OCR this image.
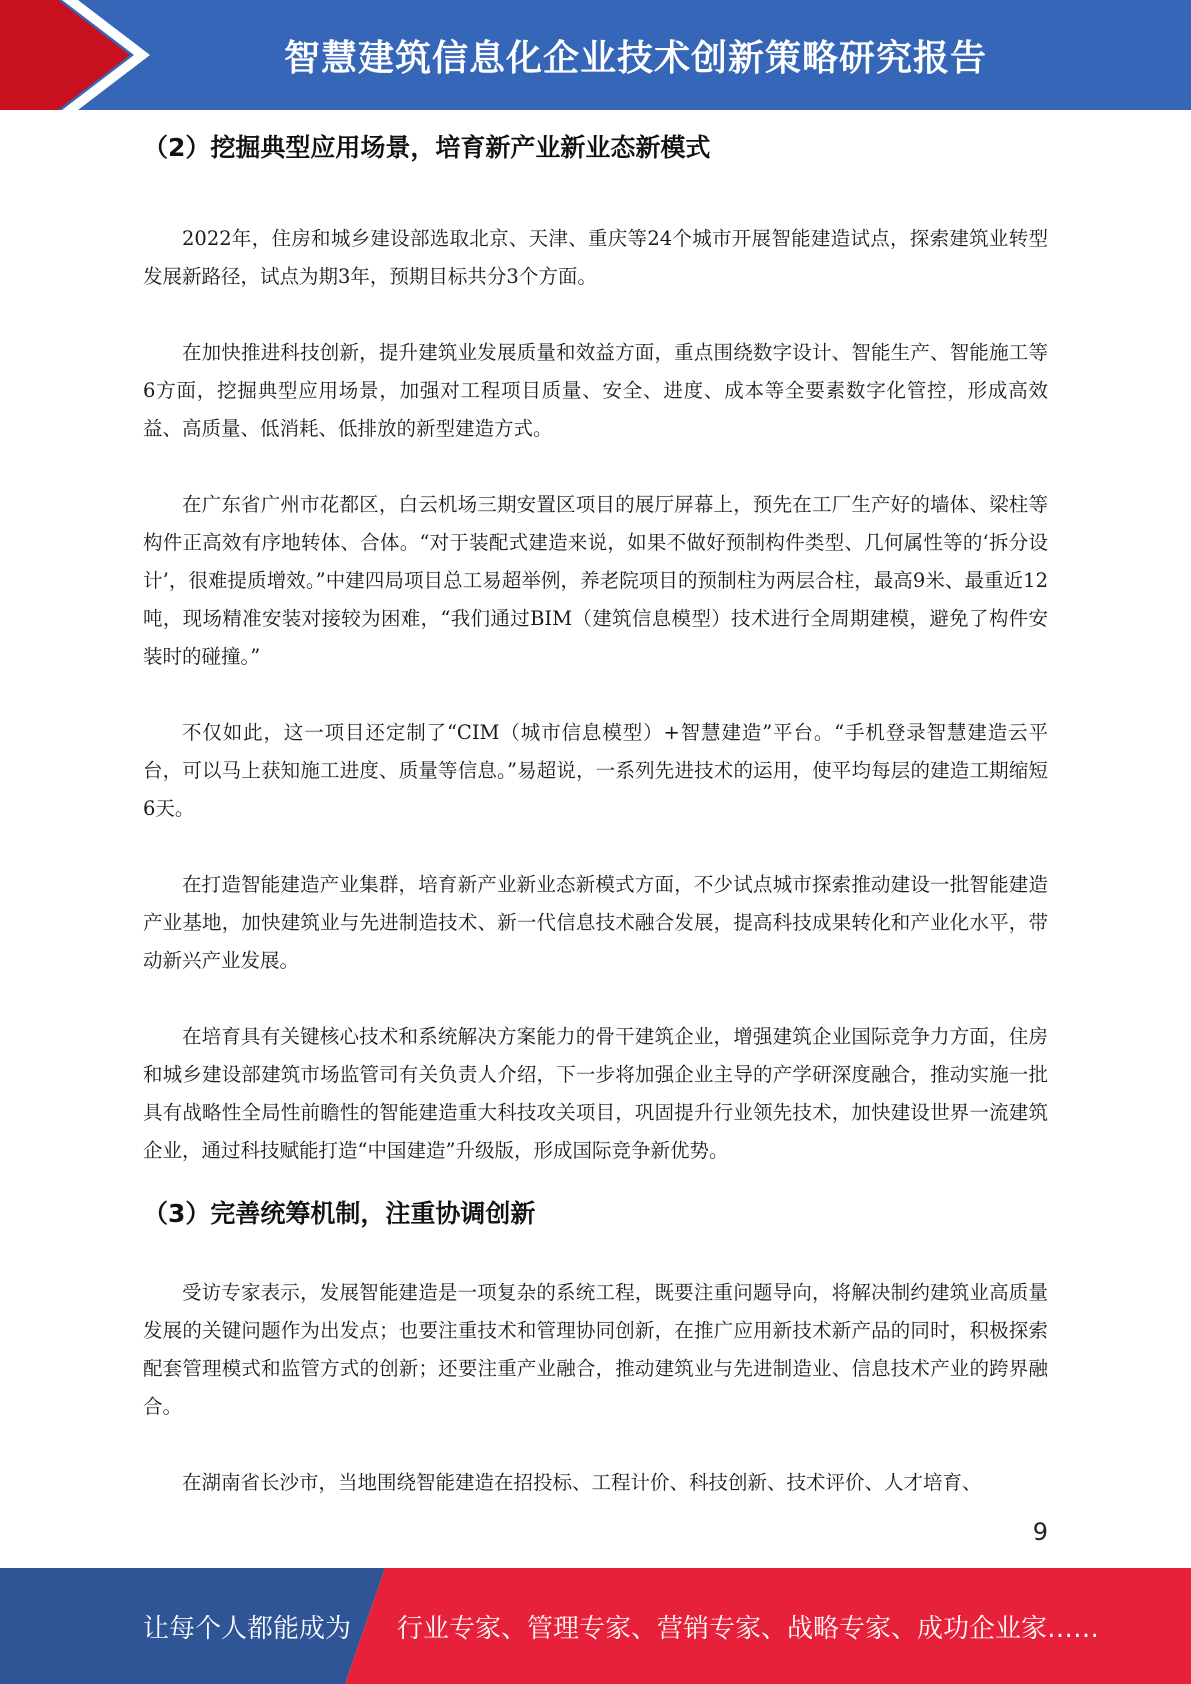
智慧建筑信息化企业技术创新策略研究报告
（2）挖掘典型应用场景，培育新产业新业态新模式

2022年，住房和城乡建设部选取北京、天津、重庆等24个城市开展智能建造试点，探索建筑业转型发展新路径，试点为期3年，预期目标共分3个方面。

在加快推进科技创新，提升建筑业发展质量和效益方面，重点围绕数字设计、智能生产、智能施工等6方面，挖掘典型应用场景，加强对工程项目质量、安全、进度、成本等全要素数字化管控，形成高效益、高质量、低消耗、低排放的新型建造方式。

在广东省广州市花都区，白云机场三期安置区项目的展厅屏幕上，预先在工厂生产好的墙体、梁柱等构件正高效有序地转体、合体。“对于装配式建造来说，如果不做好预制构件类型、几何属性等的‘拆分设计’，很难提质增效。”中建四局项目总工易超举例，养老院项目的预制柱为两层合柱，最高9米、最重近12吨，现场精准安装对接较为困难，“我们通过BIM（建筑信息模型）技术进行全周期建模，避免了构件安装时的碰撞。”

不仅如此，这一项目还定制了“CIM（城市信息模型）+智慧建造”平台。“手机登录智慧建造云平台，可以马上获知施工进度、质量等信息。”易超说，一系列先进技术的运用，使平均每层的建造工期缩短6天。

在打造智能建造产业集群，培育新产业新业态新模式方面，不少试点城市探索推动建设一批智能建造产业基地，加快建筑业与先进制造技术、新一代信息技术融合发展，提高科技成果转化和产业化水平，带动新兴产业发展。

在培育具有关键核心技术和系统解决方案能力的骨干建筑企业，增强建筑企业国际竞争力方面，住房和城乡建设部建筑市场监管司有关负责人介绍，下一步将加强企业主导的产学研深度融合，推动实施一批具有战略性全局性前瞻性的智能建造重大科技攻关项目，巩固提升行业领先技术，加快建设世界一流建筑企业，通过科技赋能打造“中国建造”升级版，形成国际竞争新优势。

（3）完善统筹机制，注重协调创新

受访专家表示，发展智能建造是一项复杂的系统工程，既要注重问题导向，将解决制约建筑业高质量发展的关键问题作为出发点；也要注重技术和管理协同创新，在推广应用新技术新产品的同时，积极探索配套管理模式和监管方式的创新；还要注重产业融合，推动建筑业与先进制造业、信息技术产业的跨界融合。

在湖南省长沙市，当地围绕智能建造在招投标、工程计价、科技创新、技术评价、人才培育、

9
让每个人都能成为 行业专家、管理专家、营销专家、战略专家、成功企业家……
